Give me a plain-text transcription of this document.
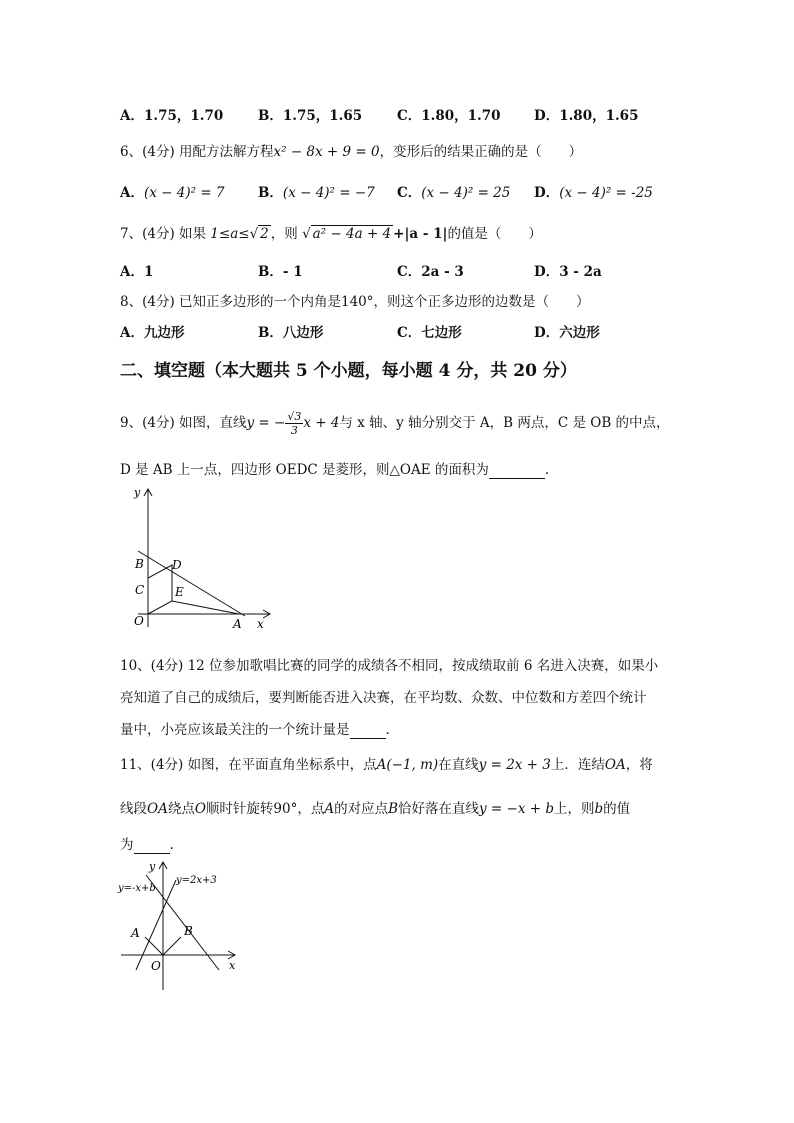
A．1.75，1.70	B．1.75，1.65	C．1.80，1.70 D．1.80，1.65
6、(4分) 用配方法解方程x² − 8x + 9 = 0，变形后的结果正确的是（　　）
A．(x − 4)² = 7 B．(x − 4)² = −7 C．(x − 4)² = 25 D．(x − 4)² = -25
7、(4分) 如果 1≤a≤√ 2 ，则 √ a² − 4a + 4 +|a - 1|的值是（　　）
A．1	B．- 1	C．2a - 3	D．3 - 2a
8、(4分) 已知正多边形的一个内角是140°，则这个正多边形的边数是（　　）
A．九边形	B．八边形	C．七边形	D．六边形
二、填空题（本大题共 5 个小题，每小题 4 分，共 20 分）
9、(4分) 如图，直线y = − $\frac{√3}{3}$ x + 4与 x 轴、y 轴分别交于 A，B 两点，C 是 OB 的中点，
D 是 AB 上一点，四边形 OEDC 是菱形，则△OAE 的面积为	.
y
x
B
C
D
E
O	A
10、(4分) 12 位参加歌唱比赛的同学的成绩各不相同，按成绩取前 6 名进入决赛，如果小
亮知道了自己的成绩后，要判断能否进入决赛，在平均数、众数、中位数和方差四个统计
量中，小亮应该最关注的一个统计量是	.
11、(4分) 如图，在平面直角坐标系中，点A(−1, m)在直线y = 2x + 3上．连结OA，将
线段OA绕点O顺时针旋转90°，点A的对应点B恰好落在直线y = −x + b上，则b的值
为	.
y
y=-x+b
y=2x+3
A	B
O	x
